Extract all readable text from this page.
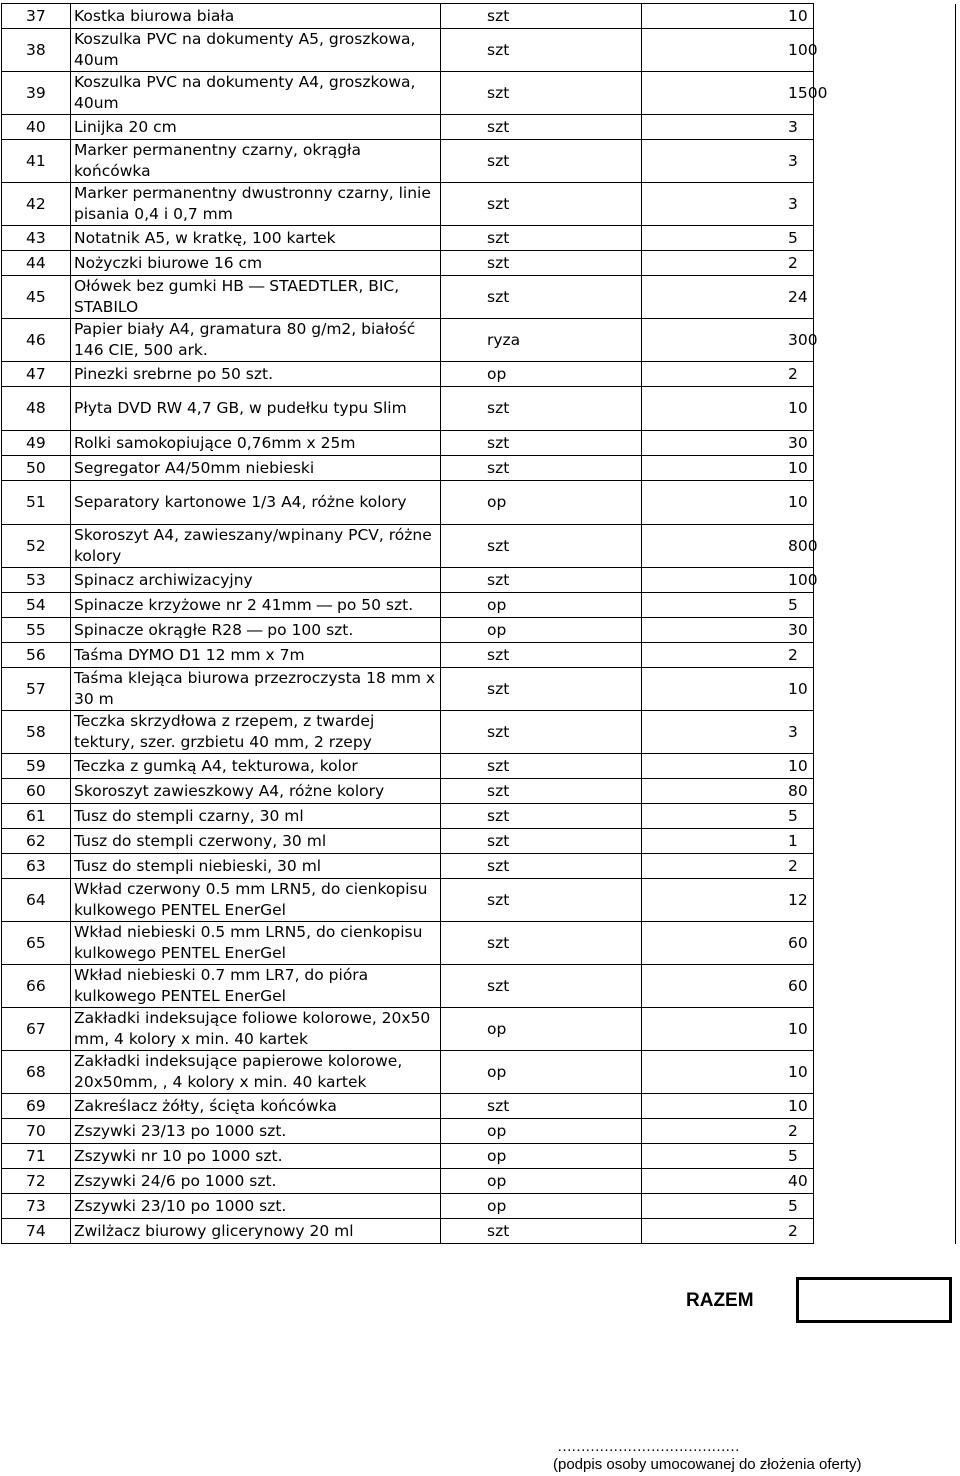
37	Kostka biurowa biała	szt	10	
38	Koszulka PVC na dokumenty A5, groszkowa, 40um	szt	100	
39	Koszulka PVC na dokumenty A4, groszkowa, 40um	szt	1500	
40	Linijka 20 cm	szt	3	
41	Marker permanentny czarny, okrągła końcówka	szt	3	
42	Marker permanentny dwustronny czarny, linie pisania 0,4 i 0,7 mm	szt	3	
43	Notatnik A5, w kratkę, 100 kartek	szt	5	
44	Nożyczki biurowe 16 cm	szt	2	
45	Ołówek bez gumki HB ― STAEDTLER, BIC, STABILO	szt	24	
46	Papier biały A4, gramatura 80 g/m2, białość 146 CIE, 500 ark.	ryza	300	
47	Pinezki srebrne po 50 szt.	op	2	
48	Płyta DVD RW 4,7 GB, w pudełku typu Slim	szt	10	
49	Rolki samokopiujące 0,76mm x 25m	szt	30	
50	Segregator A4/50mm niebieski	szt	10	
51	Separatory kartonowe 1/3 A4, różne kolory	op	10	
52	Skoroszyt A4, zawieszany/wpinany PCV, różne kolory	szt	800	
53	Spinacz archiwizacyjny	szt	100	
54	Spinacze krzyżowe nr 2 41mm ― po 50 szt.	op	5	
55	Spinacze okrągłe R28 ― po 100 szt.	op	30	
56	Taśma DYMO D1 12 mm x 7m	szt	2	
57	Taśma klejąca biurowa przezroczysta 18 mm x 30 m	szt	10	
58	Teczka skrzydłowa z rzepem, z twardej tektury, szer. grzbietu 40 mm, 2 rzepy	szt	3	
59	Teczka z gumką A4, tekturowa, kolor	szt	10	
60	Skoroszyt zawieszkowy A4, różne kolory	szt	80	
61	Tusz do stempli czarny, 30 ml	szt	5	
62	Tusz do stempli czerwony, 30 ml	szt	1	
63	Tusz do stempli niebieski, 30 ml	szt	2	
64	Wkład czerwony 0.5 mm LRN5, do cienkopisu kulkowego PENTEL EnerGel	szt	12	
65	Wkład niebieski 0.5 mm LRN5, do cienkopisu kulkowego PENTEL EnerGel	szt	60	
66	Wkład niebieski 0.7 mm LR7, do pióra kulkowego PENTEL EnerGel	szt	60	
67	Zakładki indeksujące foliowe kolorowe, 20x50 mm, 4 kolory x min. 40 kartek	op	10	
68	Zakładki indeksujące papierowe kolorowe, 20x50mm, , 4 kolory x min. 40 kartek	op	10	
69	Zakreślacz żółty, ścięta końcówka	szt	10	
70	Zszywki 23/13 po 1000 szt.	op	2	
71	Zszywki nr 10 po 1000 szt.	op	5	
72	Zszywki 24/6 po 1000 szt.	op	40	
73	Zszywki 23/10 po 1000 szt.	op	5	
74	Zwilżacz biurowy glicerynowy 20 ml	szt	2	
RAZEM
…………………………………
(podpis osoby umocowanej do złożenia oferty)
